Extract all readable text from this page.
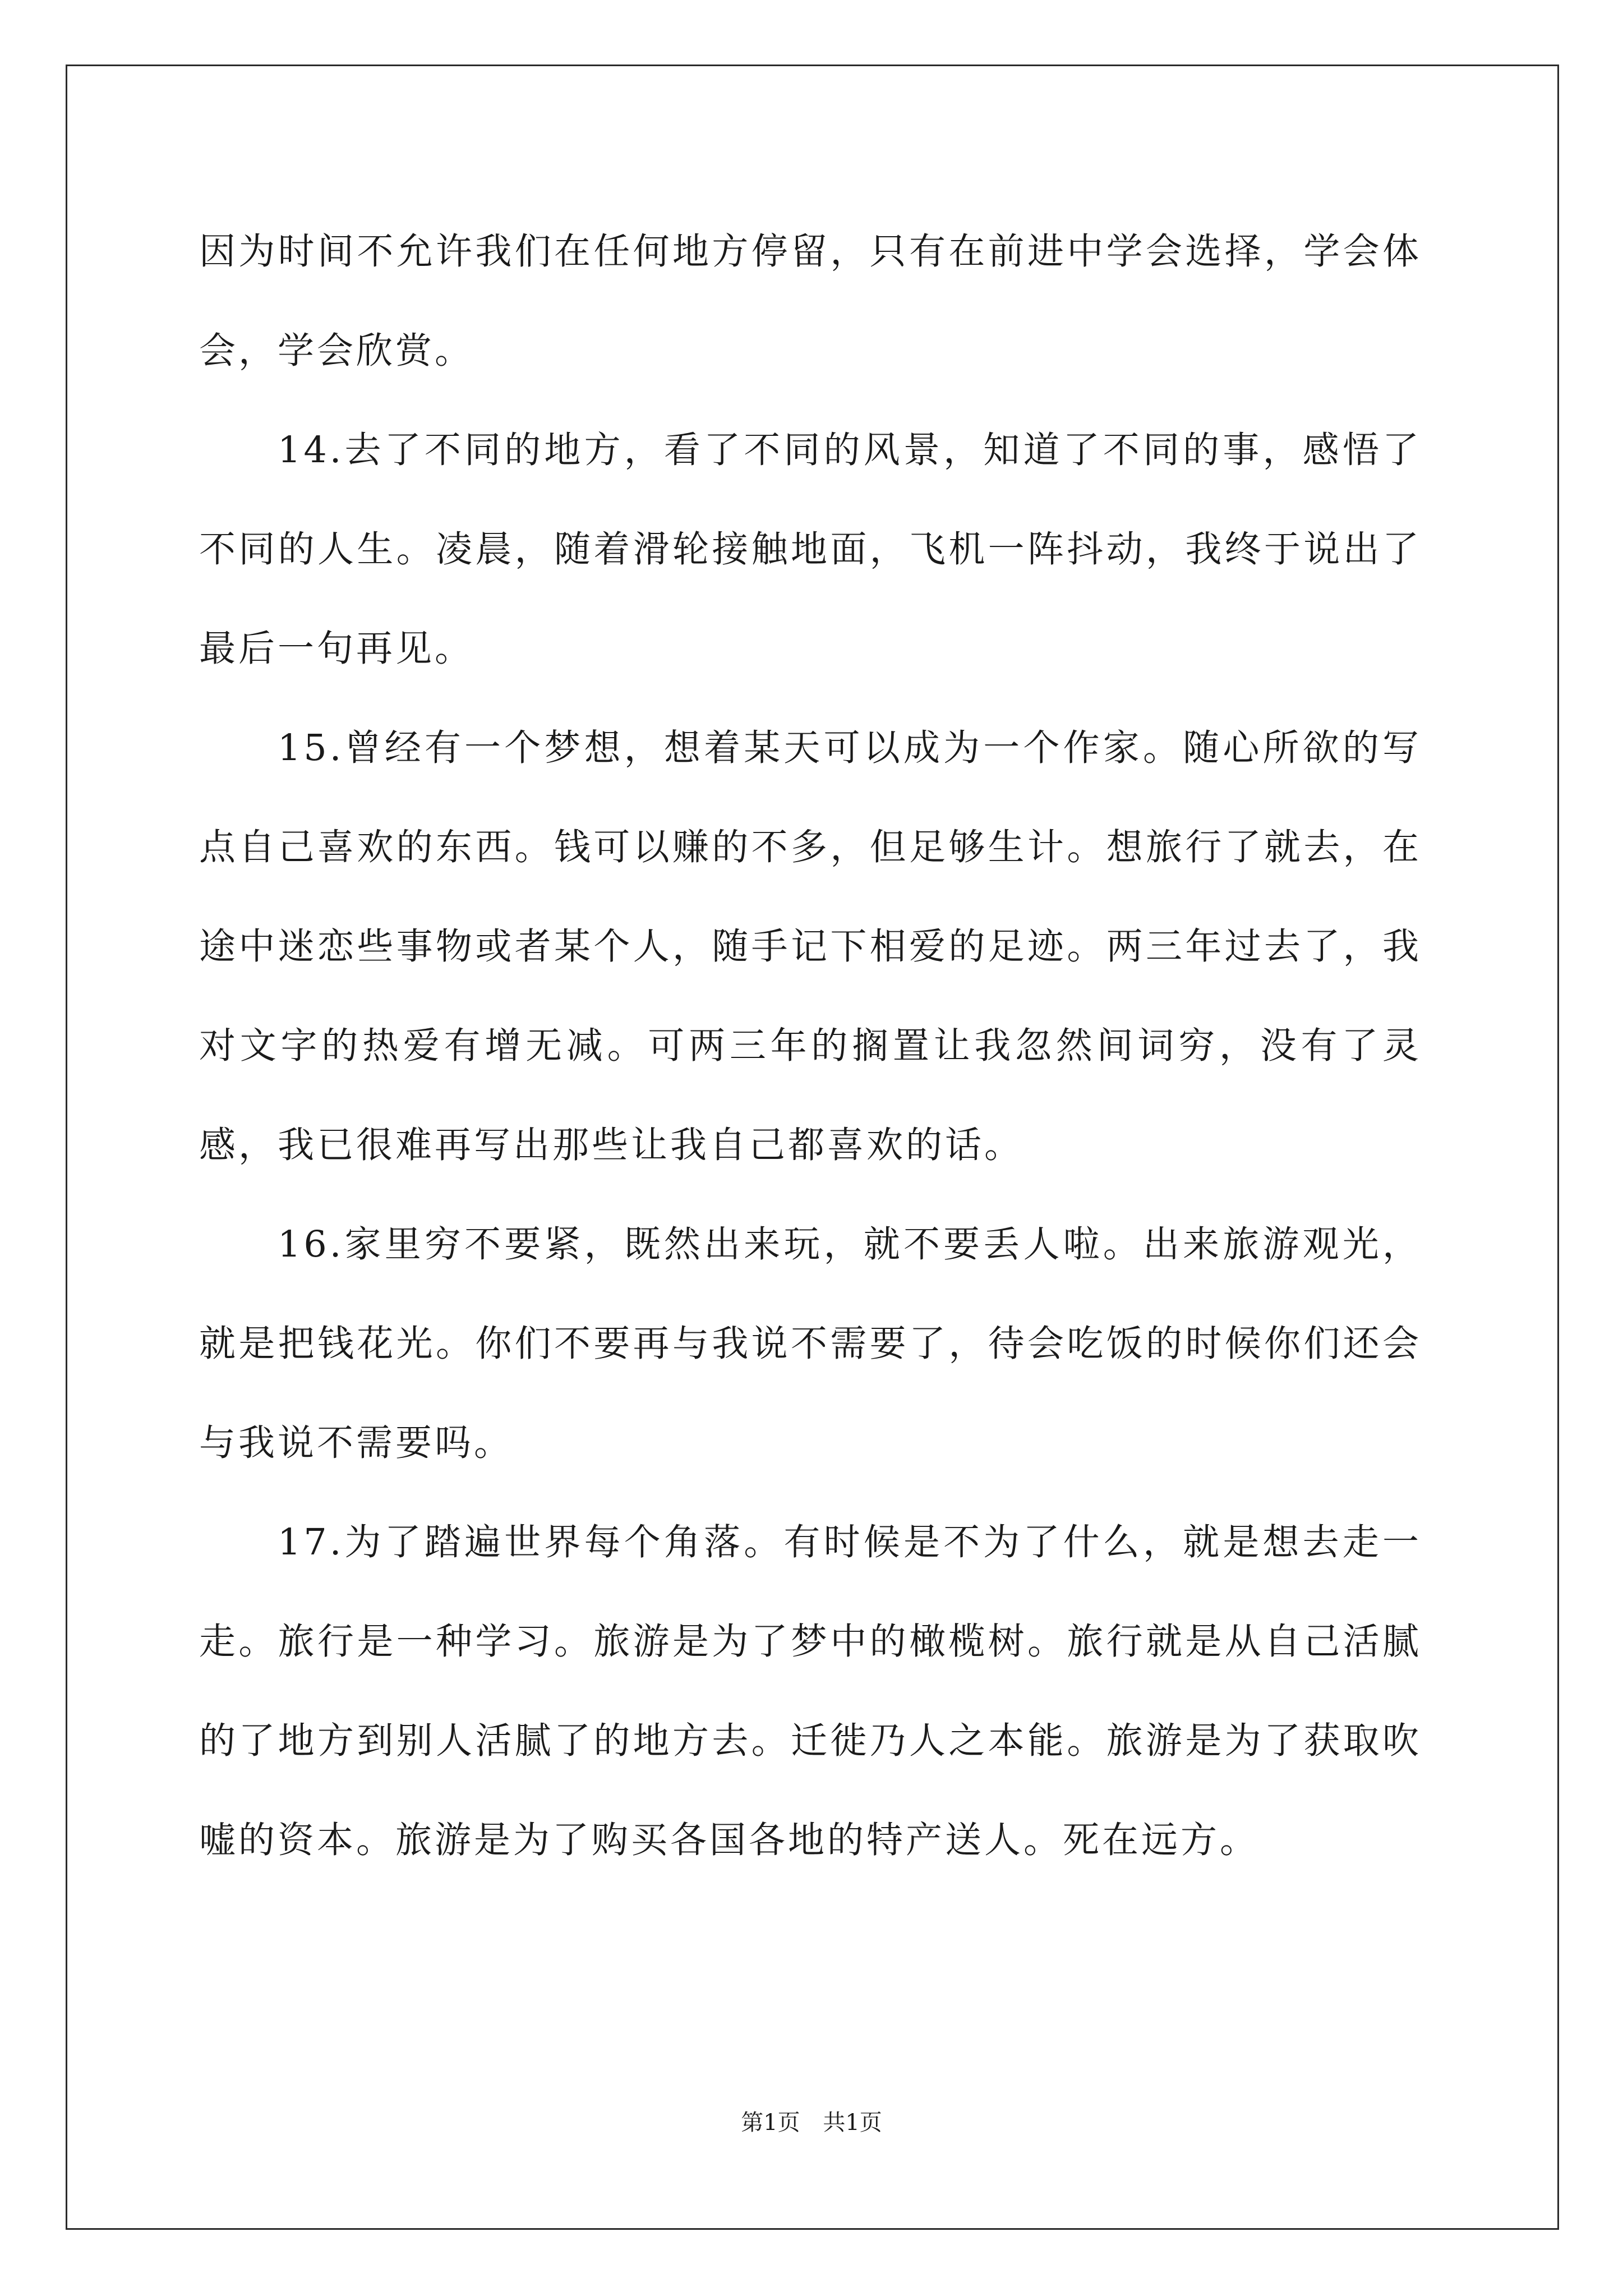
因为时间不允许我们在任何地方停留，只有在前进中学会选择，学会体会，学会欣赏。

14.去了不同的地方，看了不同的风景，知道了不同的事，感悟了不同的人生。凌晨，随着滑轮接触地面，飞机一阵抖动，我终于说出了最后一句再见。

15.曾经有一个梦想，想着某天可以成为一个作家。随心所欲的写点自己喜欢的东西。钱可以赚的不多，但足够生计。想旅行了就去，在途中迷恋些事物或者某个人，随手记下相爱的足迹。两三年过去了，我对文字的热爱有增无减。可两三年的搁置让我忽然间词穷，没有了灵感，我已很难再写出那些让我自己都喜欢的话。

16.家里穷不要紧，既然出来玩，就不要丢人啦。出来旅游观光，就是把钱花光。你们不要再与我说不需要了，待会吃饭的时候你们还会与我说不需要吗。

17.为了踏遍世界每个角落。有时候是不为了什么，就是想去走一走。旅行是一种学习。旅游是为了梦中的橄榄树。旅行就是从自己活腻的了地方到别人活腻了的地方去。迁徙乃人之本能。旅游是为了获取吹嘘的资本。旅游是为了购买各国各地的特产送人。死在远方。

第1页 共1页
